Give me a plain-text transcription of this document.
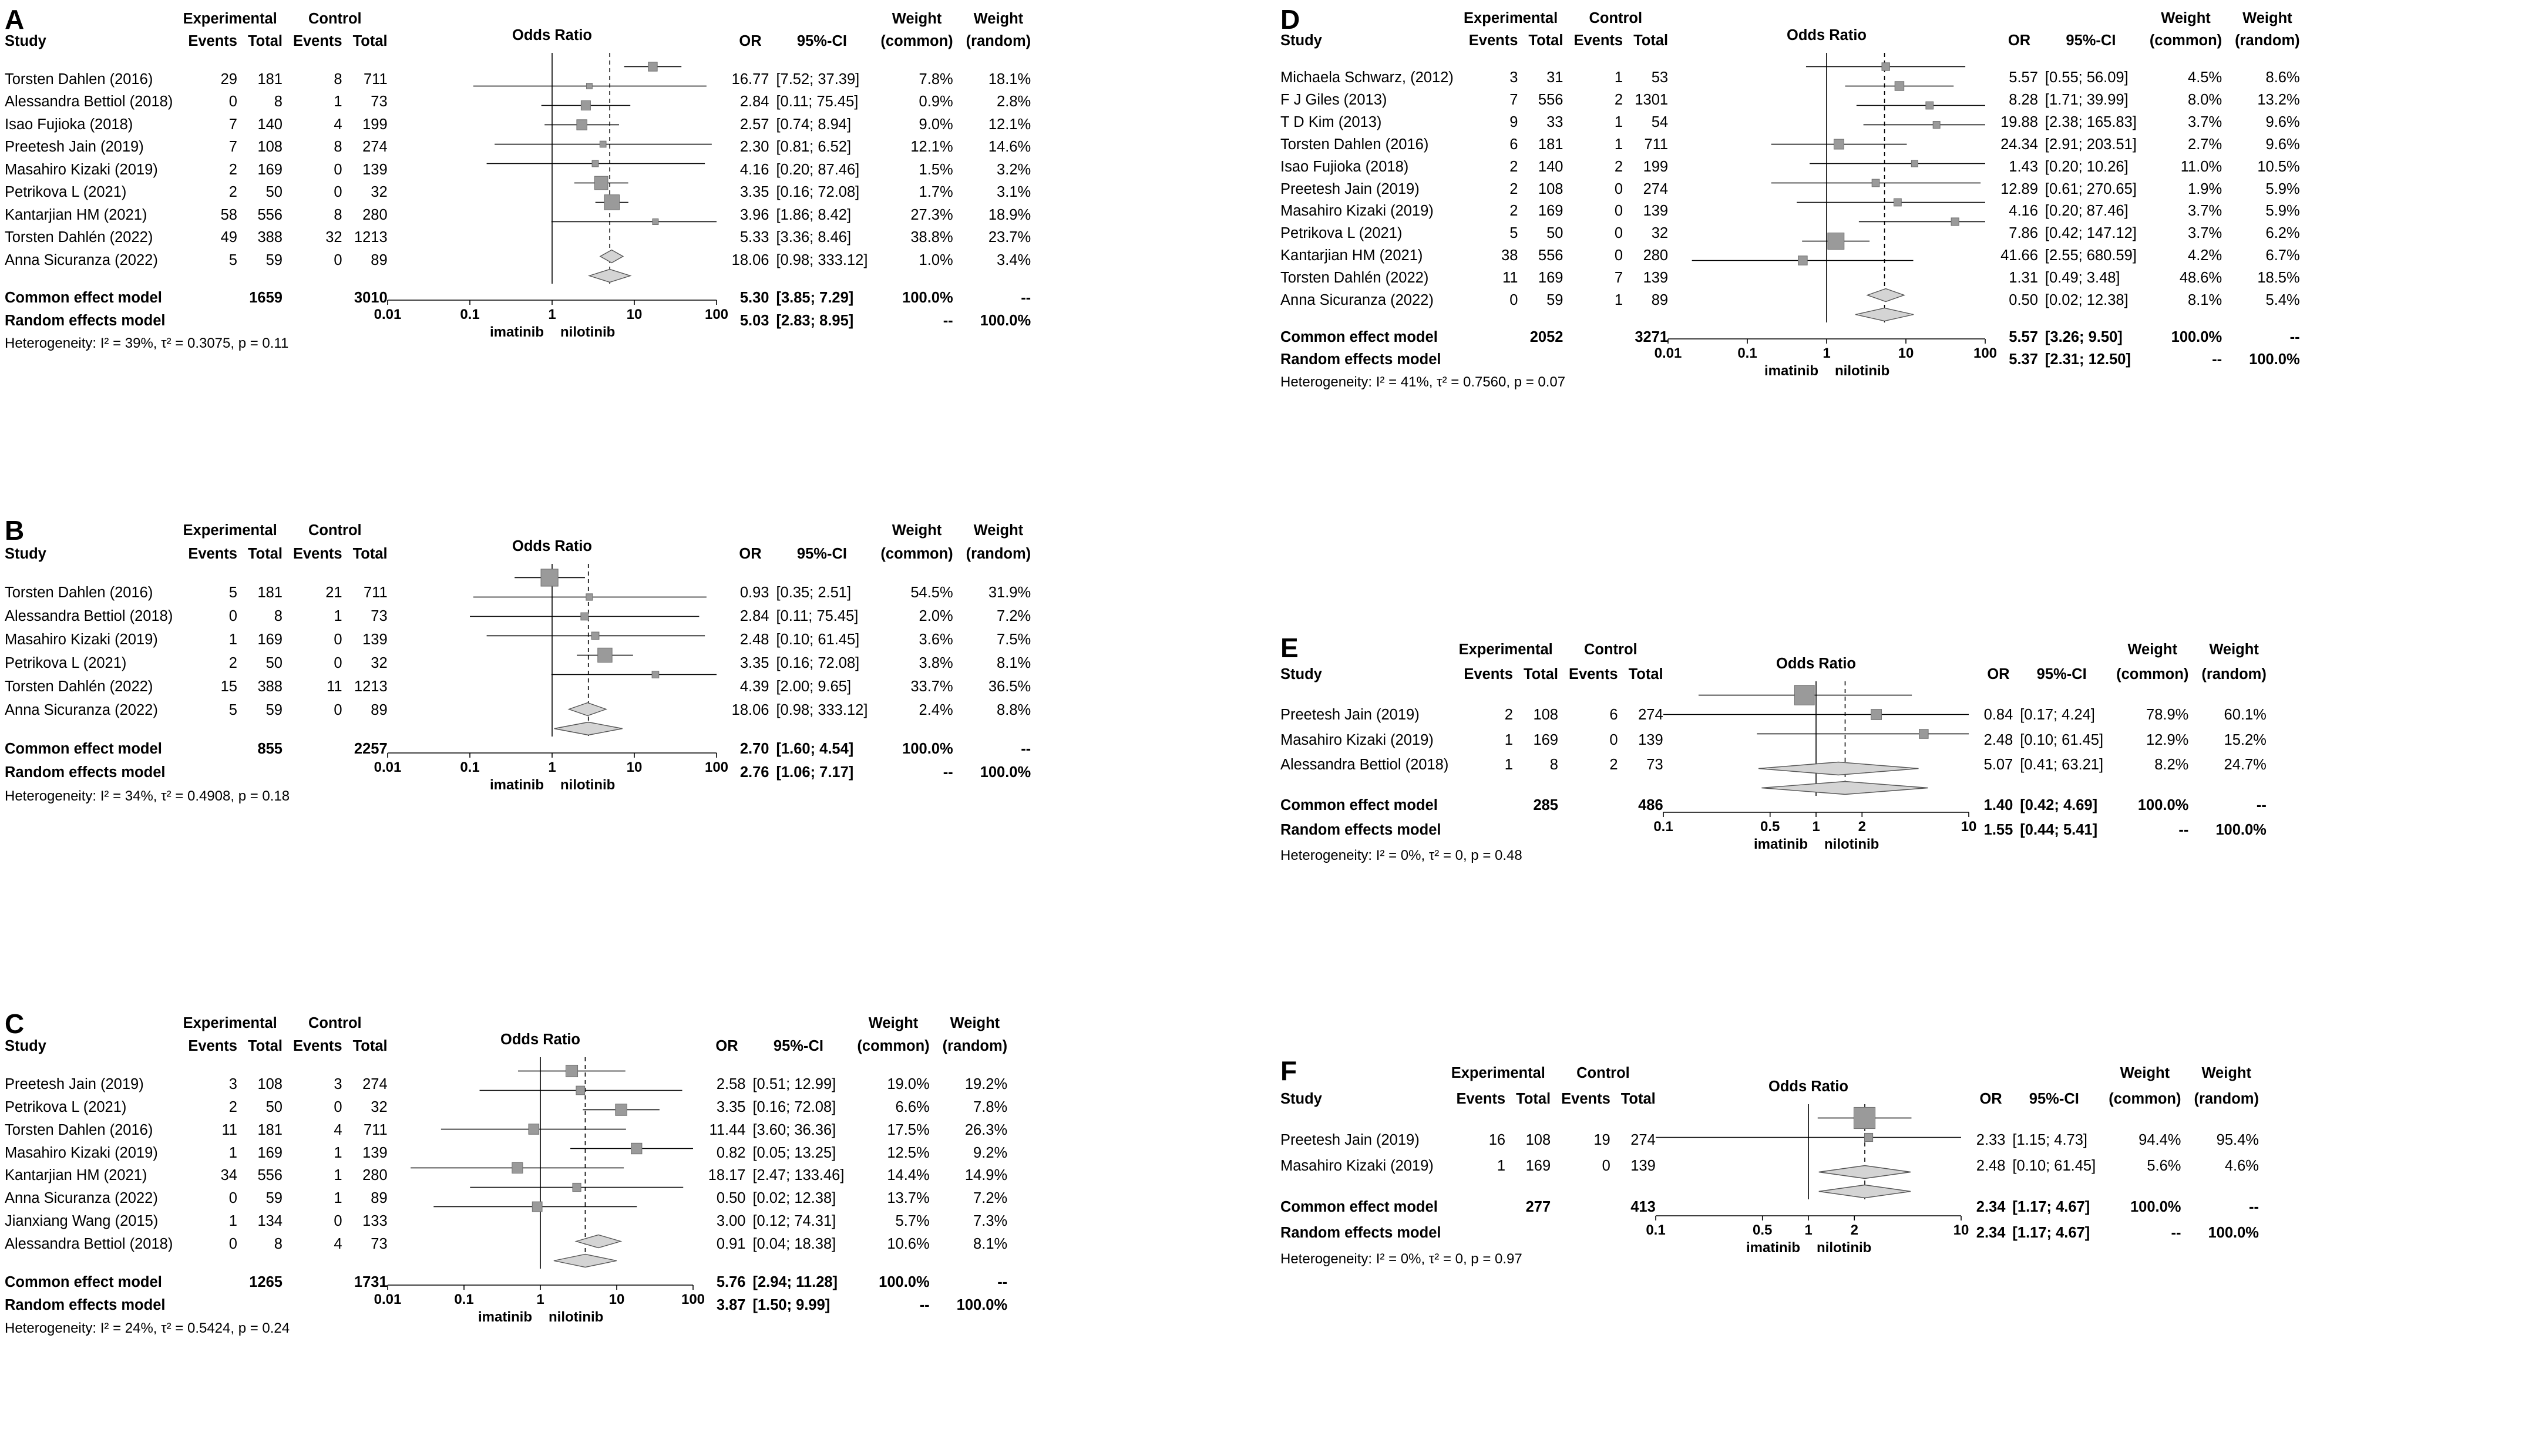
A
		Experimental	Control	
Odds Ratio
0.01	0.1	1	10	100
imatinib nilotinib
			Weight	Weight
Study	Events	Total	Events	Total		OR	95%-CI	(common)	(random)

Torsten Dahlen (2016)	29	181	8	711		16.77	[7.52; 37.39]	7.8%	18.1%
Alessandra Bettiol (2018)	0	8	1	73		2.84	[0.11; 75.45]	0.9%	2.8%
Isao Fujioka (2018)	7	140	4	199		2.57	[0.74; 8.94]	9.0%	12.1%
Preetesh Jain (2019)	7	108	8	274		2.30	[0.81; 6.52]	12.1%	14.6%
Masahiro Kizaki (2019)	2	169	0	139		4.16	[0.20; 87.46]	1.5%	3.2%
Petrikova L (2021)	2	50	0	32		3.35	[0.16; 72.08]	1.7%	3.1%
Kantarjian HM (2021)	58	556	8	280		3.96	[1.86; 8.42]	27.3%	18.9%
Torsten Dahlén (2022)	49	388	32	1213		5.33	[3.36; 8.46]	38.8%	23.7%
Anna Sicuranza (2022)	5	59	0	89		18.06	[0.98; 333.12]	1.0%	3.4%

Common effect model		1659		3010		5.30	[3.85; 7.29]	100.0%	--
Random effects model						5.03	[2.83; 8.95]	--	100.0%
Heterogeneity: I² = 39%, τ² = 0.3075, p = 0.11									
B
		Experimental	Control	
Odds Ratio
0.01	0.1	1	10	100
imatinib nilotinib
			Weight	Weight
Study	Events	Total	Events	Total		OR	95%-CI	(common)	(random)

Torsten Dahlen (2016)	5	181	21	711		0.93	[0.35; 2.51]	54.5%	31.9%
Alessandra Bettiol (2018)	0	8	1	73		2.84	[0.11; 75.45]	2.0%	7.2%
Masahiro Kizaki (2019)	1	169	0	139		2.48	[0.10; 61.45]	3.6%	7.5%
Petrikova L (2021)	2	50	0	32		3.35	[0.16; 72.08]	3.8%	8.1%
Torsten Dahlén (2022)	15	388	11	1213		4.39	[2.00; 9.65]	33.7%	36.5%
Anna Sicuranza (2022)	5	59	0	89		18.06	[0.98; 333.12]	2.4%	8.8%

Common effect model		855		2257		2.70	[1.60; 4.54]	100.0%	--
Random effects model						2.76	[1.06; 7.17]	--	100.0%
Heterogeneity: I² = 34%, τ² = 0.4908, p = 0.18									
C
		Experimental	Control	
Odds Ratio
0.01	0.1	1	10	100
imatinib nilotinib
			Weight	Weight
Study	Events	Total	Events	Total		OR	95%-CI	(common)	(random)

Preetesh Jain (2019)	3	108	3	274		2.58	[0.51; 12.99]	19.0%	19.2%
Petrikova L (2021)	2	50	0	32		3.35	[0.16; 72.08]	6.6%	7.8%
Torsten Dahlen (2016)	11	181	4	711		11.44	[3.60; 36.36]	17.5%	26.3%
Masahiro Kizaki (2019)	1	169	1	139		0.82	[0.05; 13.25]	12.5%	9.2%
Kantarjian HM (2021)	34	556	1	280		18.17	[2.47; 133.46]	14.4%	14.9%
Anna Sicuranza (2022)	0	59	1	89		0.50	[0.02; 12.38]	13.7%	7.2%
Jianxiang Wang (2015)	1	134	0	133		3.00	[0.12; 74.31]	5.7%	7.3%
Alessandra Bettiol (2018)	0	8	4	73		0.91	[0.04; 18.38]	10.6%	8.1%

Common effect model		1265		1731		5.76	[2.94; 11.28]	100.0%	--
Random effects model						3.87	[1.50; 9.99]	--	100.0%
Heterogeneity: I² = 24%, τ² = 0.5424, p = 0.24									
D
		Experimental	Control	
Odds Ratio
0.01	0.1	1	10	100
imatinib nilotinib
			Weight	Weight
Study	Events	Total	Events	Total		OR	95%-CI	(common)	(random)

Michaela Schwarz, (2012)	3	31	1	53		5.57	[0.55; 56.09]	4.5%	8.6%
F J Giles (2013)	7	556	2	1301		8.28	[1.71; 39.99]	8.0%	13.2%
T D Kim (2013)	9	33	1	54		19.88	[2.38; 165.83]	3.7%	9.6%
Torsten Dahlen (2016)	6	181	1	711		24.34	[2.91; 203.51]	2.7%	9.6%
Isao Fujioka (2018)	2	140	2	199		1.43	[0.20; 10.26]	11.0%	10.5%
Preetesh Jain (2019)	2	108	0	274		12.89	[0.61; 270.65]	1.9%	5.9%
Masahiro Kizaki (2019)	2	169	0	139		4.16	[0.20; 87.46]	3.7%	5.9%
Petrikova L (2021)	5	50	0	32		7.86	[0.42; 147.12]	3.7%	6.2%
Kantarjian HM (2021)	38	556	0	280		41.66	[2.55; 680.59]	4.2%	6.7%
Torsten Dahlén (2022)	11	169	7	139		1.31	[0.49; 3.48]	48.6%	18.5%
Anna Sicuranza (2022)	0	59	1	89		0.50	[0.02; 12.38]	8.1%	5.4%

Common effect model		2052		3271		5.57	[3.26; 9.50]	100.0%	--
Random effects model						5.37	[2.31; 12.50]	--	100.0%
Heterogeneity: I² = 41%, τ² = 0.7560, p = 0.07									
E
		Experimental	Control	
Odds Ratio
0.1	0.5 1	2	10
imatinib nilotinib
			Weight	Weight
Study	Events	Total	Events	Total		OR	95%-CI	(common)	(random)

Preetesh Jain (2019)	2	108	6	274		0.84	[0.17; 4.24]	78.9%	60.1%
Masahiro Kizaki (2019)	1	169	0	139		2.48	[0.10; 61.45]	12.9%	15.2%
Alessandra Bettiol (2018)	1	8	2	73		5.07	[0.41; 63.21]	8.2%	24.7%

Common effect model		285		486		1.40	[0.42; 4.69]	100.0%	--
Random effects model						1.55	[0.44; 5.41]	--	100.0%
Heterogeneity: I² = 0%, τ² = 0, p = 0.48									
F
		Experimental	Control	
Odds Ratio
0.1	0.5 1	2	10
imatinib nilotinib
			Weight	Weight
Study	Events	Total	Events	Total		OR	95%-CI	(common)	(random)

Preetesh Jain (2019)	16	108	19	274		2.33	[1.15; 4.73]	94.4%	95.4%
Masahiro Kizaki (2019)	1	169	0	139		2.48	[0.10; 61.45]	5.6%	4.6%

Common effect model		277		413		2.34	[1.17; 4.67]	100.0%	--
Random effects model						2.34	[1.17; 4.67]	--	100.0%
Heterogeneity: I² = 0%, τ² = 0, p = 0.97									
